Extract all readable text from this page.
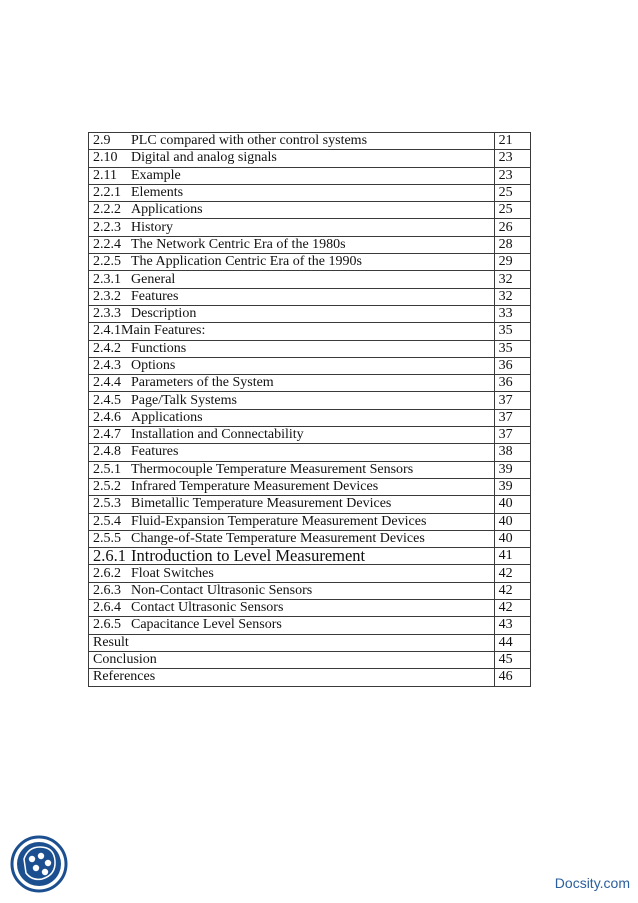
2.9 PLC compared with other control systems	21
2.10 Digital and analog signals	23
2.11 Example	23
2.2.1 Elements	25
2.2.2 Applications	25
2.2.3 History	26
2.2.4 The Network Centric Era of the 1980s	28
2.2.5 The Application Centric Era of the 1990s	29
2.3.1 General	32
2.3.2 Features	32
2.3.3 Description	33
2.4.1Main Features:	35
2.4.2 Functions	35
2.4.3 Options	36
2.4.4 Parameters of the System	36
2.4.5 Page/Talk Systems	37
2.4.6 Applications	37
2.4.7 Installation and Connectability	37
2.4.8 Features	38
2.5.1 Thermocouple Temperature Measurement Sensors	39
2.5.2 Infrared Temperature Measurement Devices	39
2.5.3 Bimetallic Temperature Measurement Devices	40
2.5.4 Fluid-Expansion Temperature Measurement Devices	40
2.5.5 Change-of-State Temperature Measurement Devices	40
2.6.1 Introduction to Level Measurement	41
2.6.2 Float Switches	42
2.6.3 Non-Contact Ultrasonic Sensors	42
2.6.4 Contact Ultrasonic Sensors	42
2.6.5 Capacitance Level Sensors	43
Result	44
Conclusion	45
References	46
Docsity.com
